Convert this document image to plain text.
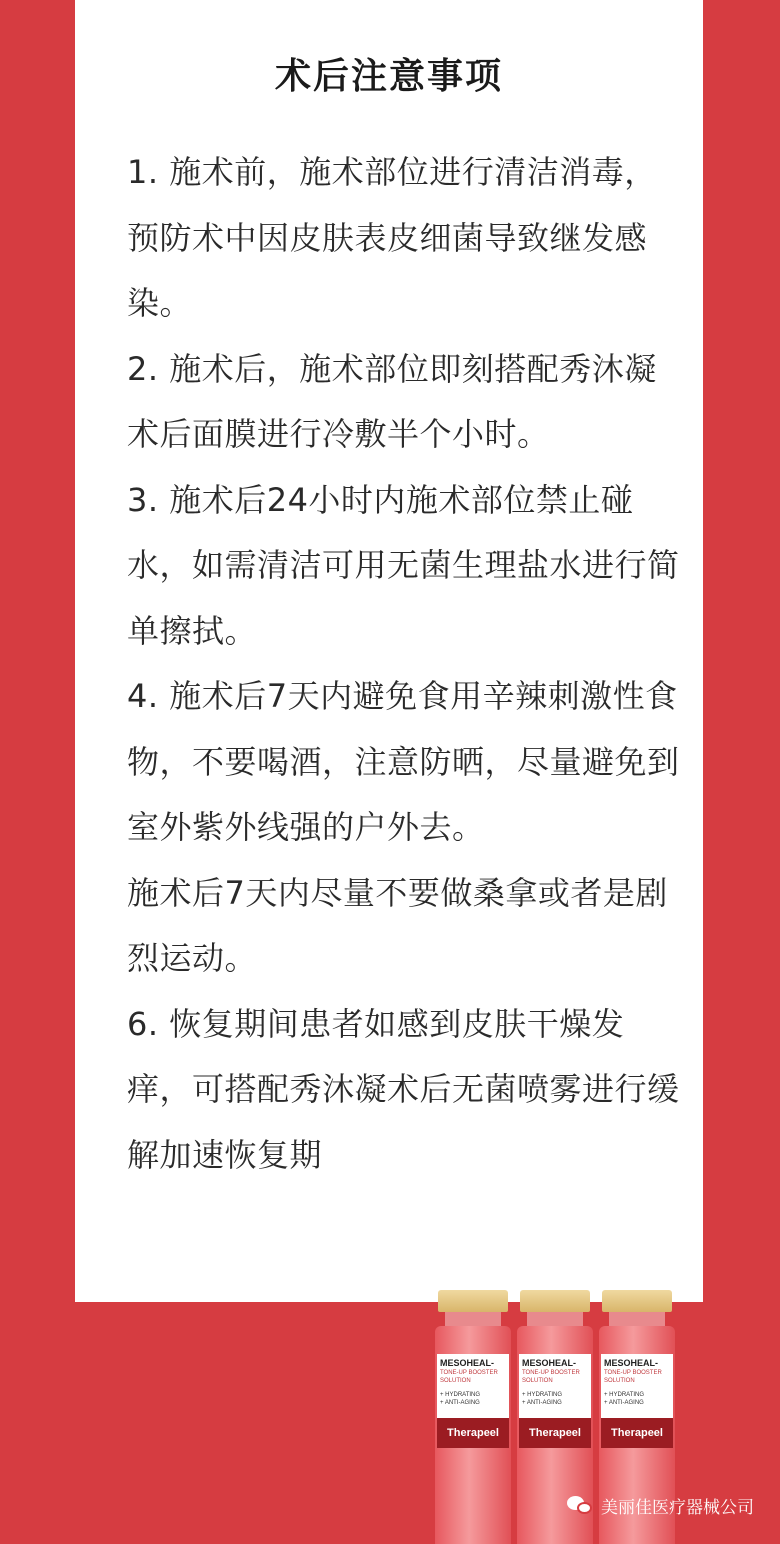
术后注意事项

1. 施术前，施术部位进行清洁消毒，预防术中因皮肤表皮细菌导致继发感染。

2. 施术后，施术部位即刻搭配秀沐凝术后面膜进行冷敷半个小时。

3. 施术后24小时内施术部位禁止碰水，如需清洁可用无菌生理盐水进行简单擦拭。

4. 施术后7天内避免食用辛辣刺激性食物，不要喝酒，注意防晒，尽量避免到室外紫外线强的户外去。

施术后7天内尽量不要做桑拿或者是剧烈运动。

6. 恢复期间患者如感到皮肤干燥发痒，可搭配秀沐凝术后无菌喷雾进行缓解加速恢复期

MESOHEAL-
TONE-UP BOOSTER SOLUTION
+ HYDRATING
+ ANTI-AGING
Therapeel
MESOHEAL-
TONE-UP BOOSTER SOLUTION
+ HYDRATING
+ ANTI-AGING
Therapeel
MESOHEAL-
TONE-UP BOOSTER SOLUTION
+ HYDRATING
+ ANTI-AGING
Therapeel
美丽佳医疗器械公司
